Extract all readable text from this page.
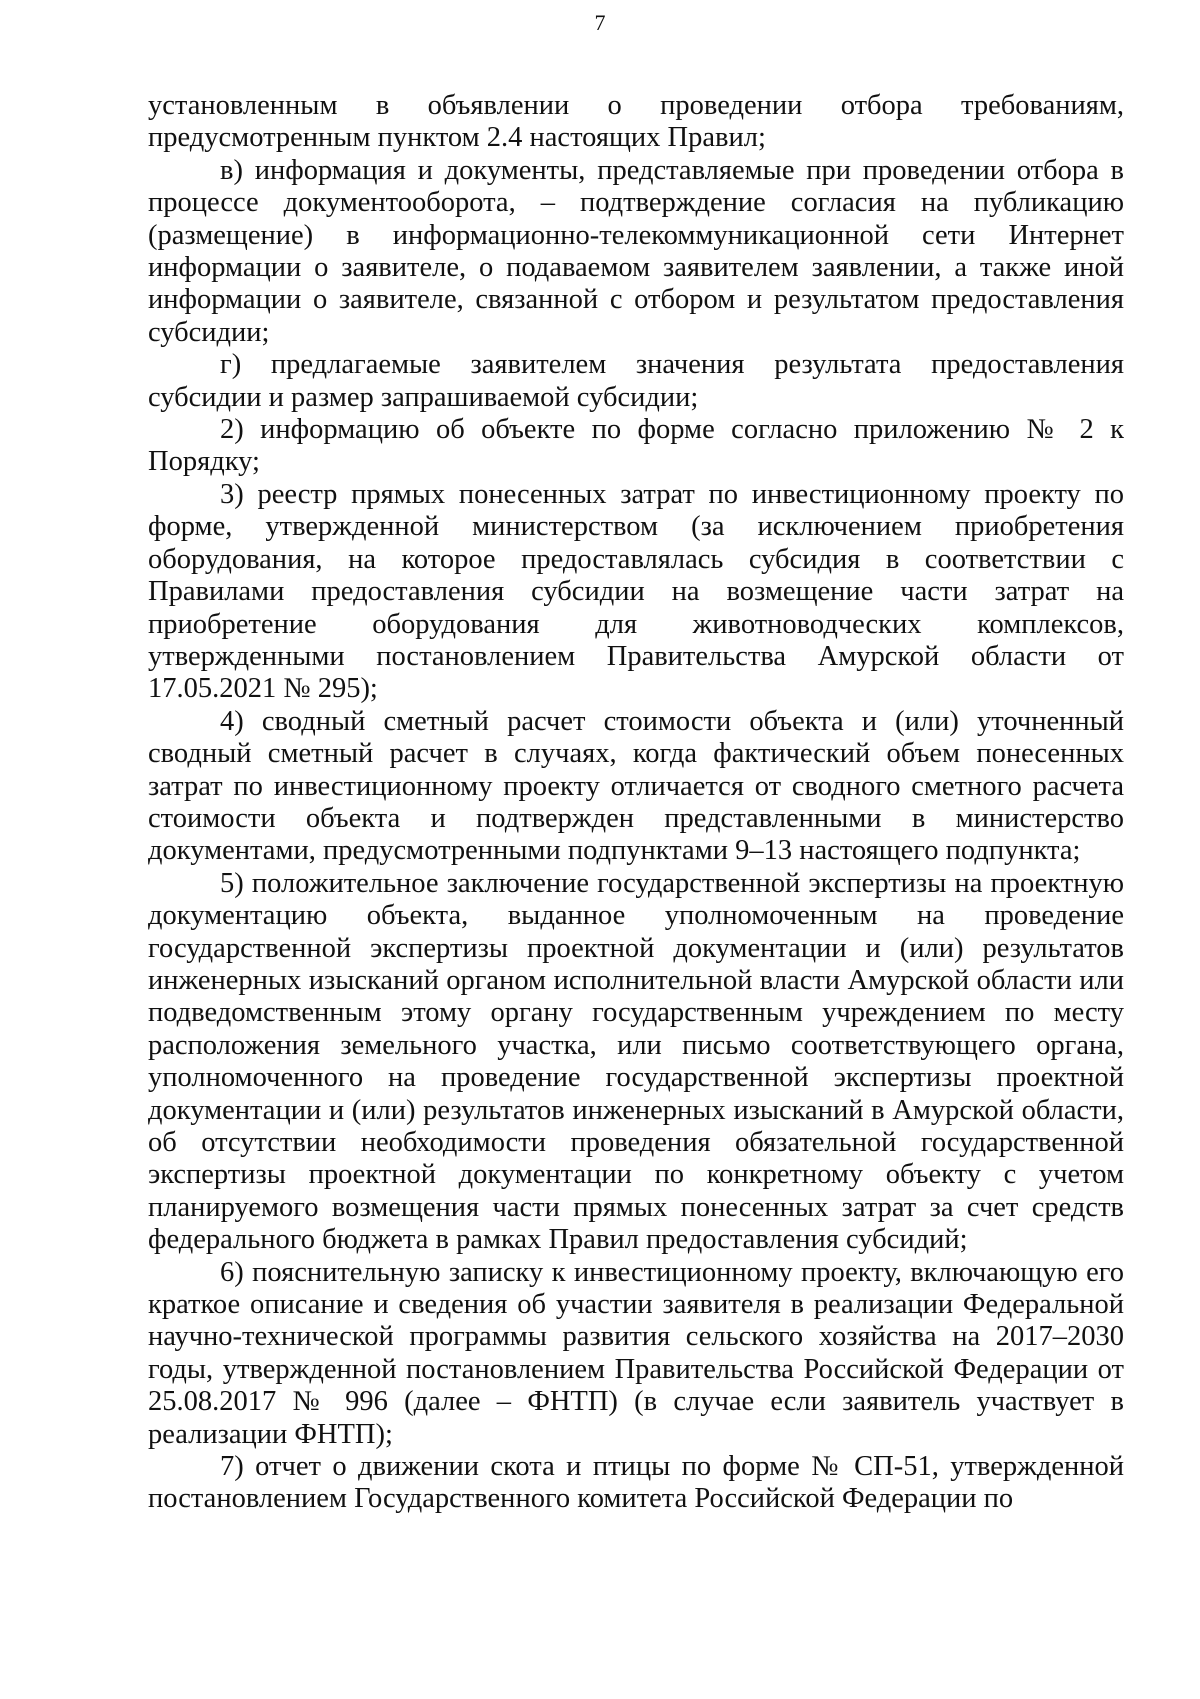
7

установленным в объявлении о проведении отбора требованиям, предусмотренным пунктом 2.4 настоящих Правил;

в) информация и документы, представляемые при проведении отбора в процессе документооборота, – подтверждение согласия на публикацию (размещение) в информационно-телекоммуникационной сети Интернет информации о заявителе, о подаваемом заявителем заявлении, а также иной информации о заявителе, связанной с отбором и результатом предоставления субсидии;

г) предлагаемые заявителем значения результата предоставления субсидии и размер запрашиваемой субсидии;

2) информацию об объекте по форме согласно приложению № 2 к Порядку;

3) реестр прямых понесенных затрат по инвестиционному проекту по форме, утвержденной министерством (за исключением приобретения оборудования, на которое предоставлялась субсидия в соответствии с Правилами предоставления субсидии на возмещение части затрат на приобретение оборудования для животноводческих комплексов, утвержденными постановлением Правительства Амурской области от 17.05.2021 № 295);

4) сводный сметный расчет стоимости объекта и (или) уточненный сводный сметный расчет в случаях, когда фактический объем понесенных затрат по инвестиционному проекту отличается от сводного сметного расчета стоимости объекта и подтвержден представленными в министерство документами, предусмотренными подпунктами 9–13 настоящего подпункта;

5) положительное заключение государственной экспертизы на проектную документацию объекта, выданное уполномоченным на проведение государственной экспертизы проектной документации и (или) результатов инженерных изысканий органом исполнительной власти Амурской области или подведомственным этому органу государственным учреждением по месту расположения земельного участка, или письмо соответствующего органа, уполномоченного на проведение государственной экспертизы проектной документации и (или) результатов инженерных изысканий в Амурской области, об отсутствии необходимости проведения обязательной государственной экспертизы проектной документации по конкретному объекту с учетом планируемого возмещения части прямых понесенных затрат за счет средств федерального бюджета в рамках Правил предоставления субсидий;

6) пояснительную записку к инвестиционному проекту, включающую его краткое описание и сведения об участии заявителя в реализации Федеральной научно-технической программы развития сельского хозяйства на 2017–2030 годы, утвержденной постановлением Правительства Российской Федерации от 25.08.2017 № 996 (далее – ФНТП) (в случае если заявитель участвует в реализации ФНТП);

7) отчет о движении скота и птицы по форме № СП-51, утвержденной постановлением Государственного комитета Российской Федерации по
